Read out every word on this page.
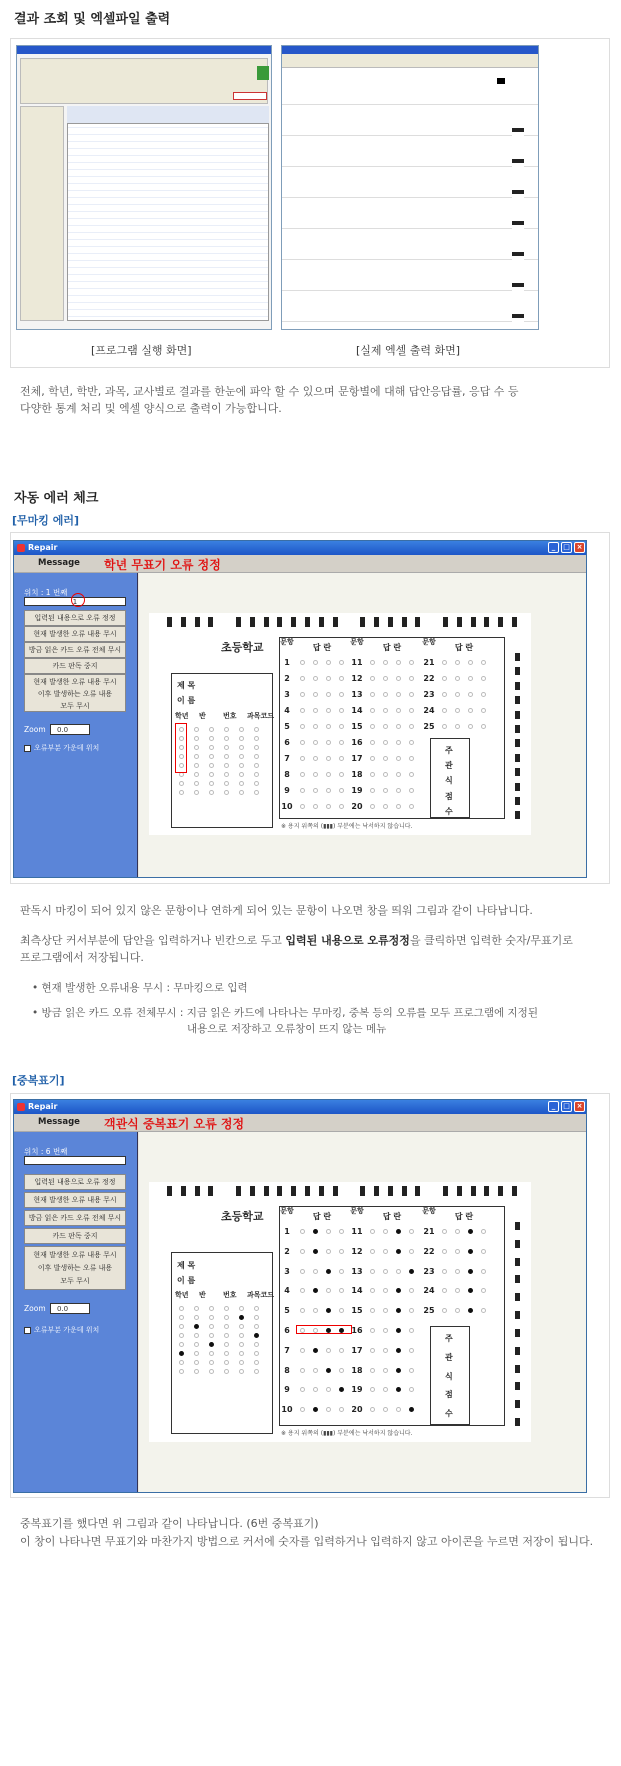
결과 조회 및 엑셀파일 출력
[프로그램 실행 화면]	[실제 엑셀 출력 화면]
전체, 학년, 학반, 과목, 교사별로 결과를 한눈에 파악 할 수 있으며 문항별에 대해 답안응답률, 응답 수 등
다양한 통계 처리 및 엑셀 양식으로 출력이 가능합니다.
자동 에러 체크
[무마킹 에러]
Repair	_	□ ×
Message 학년 무표기 오류 정정
위치 : 1 번째
1
입력된 내용으로 오류 정정
현재 발생한 오류 내용 무시
방금 읽은 카드 오류 전체 무시
카드 판독 중지
현재 발생한 오류 내용 무시
이후 발생하는 오류 내용
모두 무시
Zoom	0.0
오류부분 가운데 위치
초등학교 문항
답 란
1
2
3
4
5
6
7
8
9
10
문항
답 란
11
12
13
14
15
16
17
18
19
20
문항
답 란
21
22
23
24
25
주
관
식
점
수
제 목
이 름
학년 반 번호 과목코드
※ 용지 위쪽의 (▮▮▮) 부분에는 낙서하지 않습니다.
판독시 마킹이 되어 있지 않은 문항이나 연하게 되어 있는 문항이 나오면 창을 띄워 그림과 같이 나타납니다.
최측상단 커서부분에 답안을 입력하거나 빈칸으로 두고 입력된 내용으로 오류정정을 클릭하면 입력한 숫자/무표기로
프로그램에서 저장됩니다.
• 현재 발생한 오류내용 무시 : 무마킹으로 입력
• 방금 읽은 카드 오류 전체무시 : 지금 읽은 카드에 나타나는 무마킹, 중복 등의 오류를 모두 프로그램에 지정된
내용으로 저장하고 오류창이 뜨지 않는 메뉴
[중복표기]
Repair	_	□ ×
Message 객관식 중복표기 오류 정정
위치 : 6 번째
입력된 내용으로 오류 정정
현재 발생한 오류 내용 무시
방금 읽은 카드 오류 전체 무시
카드 판독 중지
현재 발생한 오류 내용 무시
이후 발생하는 오류 내용
모두 무시
Zoom	0.0
오류부분 가운데 위치
초등학교 문항
답 란
1
2
3
4
5
6
7
8
9
10
문항
답 란
11
12
13
14
15
16
17
18
19
20
문항
답 란
21
22
23
24
25
주
관
식
점
수
제 목
이 름
학년 반 번호 과목코드
※ 용지 위쪽의 (▮▮▮) 부분에는 낙서하지 않습니다.
중복표기를 했다면 위 그림과 같이 나타납니다. (6번 중복표기)
이 창이 나타나면 무표기와 마찬가지 방법으로 커서에 숫자를 입력하거나 입력하지 않고 아이콘을 누르면 저장이 됩니다.
